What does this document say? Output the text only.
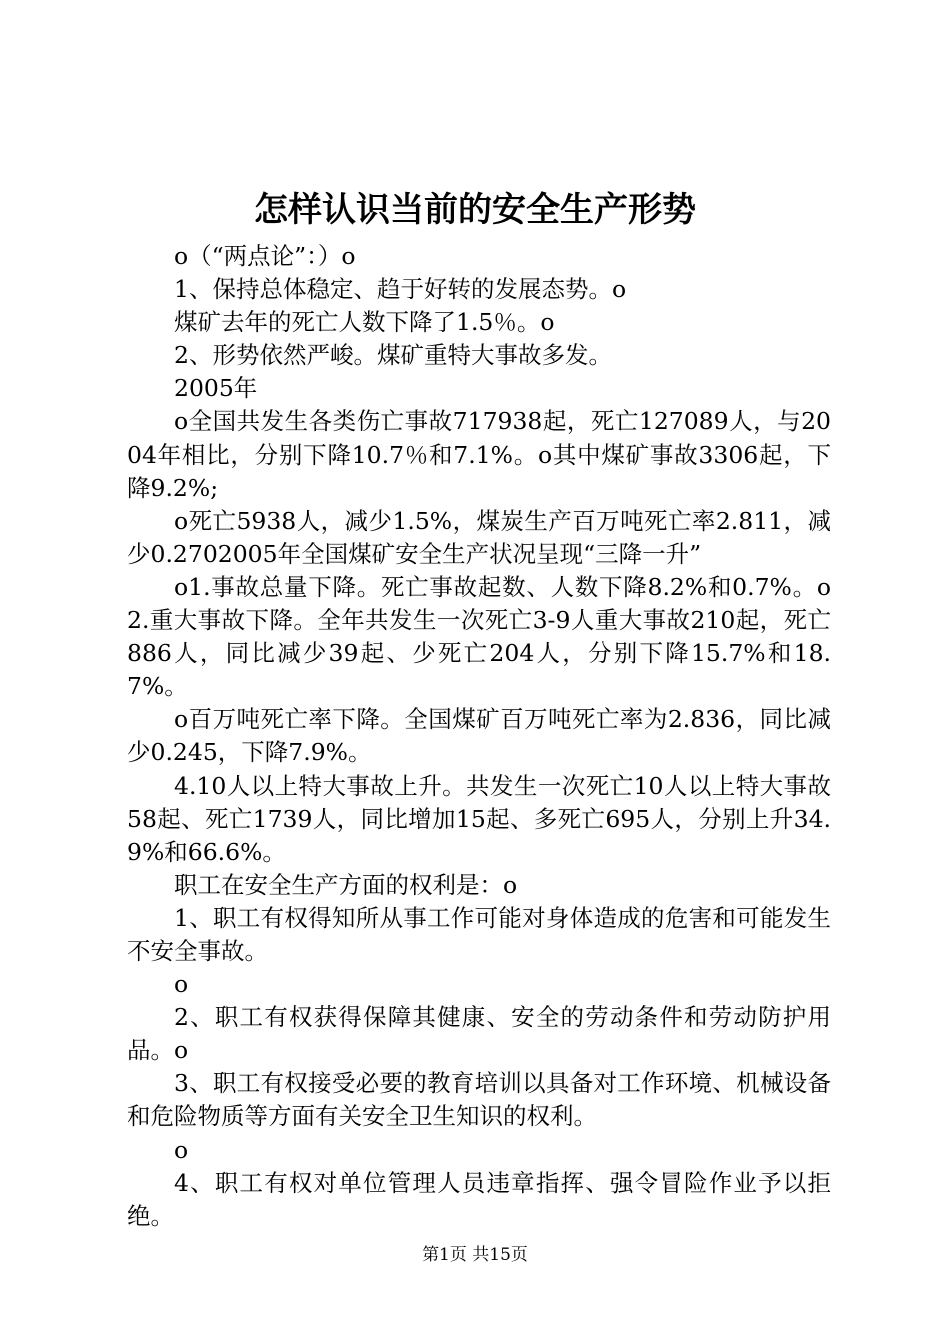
怎样认识当前的安全生产形势

o（“两点论”：）o

1、保持总体稳定、趋于好转的发展态势。o

煤矿去年的死亡人数下降了1.5％。o

2、形势依然严峻。煤矿重特大事故多发。

2005年

o全国共发生各类伤亡事故717938起，死亡127089人，与2004年相比，分别下降10.7％和7.1%。o其中煤矿事故3306起，下降9.2%;

o死亡5938人，减少1.5%，煤炭生产百万吨死亡率2.811，减少0.2702005年全国煤矿安全生产状况呈现“三降一升”

o1.事故总量下降。死亡事故起数、人数下降8.2%和0.7%。o2.重大事故下降。全年共发生一次死亡3-9人重大事故210起，死亡886人，同比减少39起、少死亡204人，分别下降15.7%和18.7%。

o百万吨死亡率下降。全国煤矿百万吨死亡率为2.836，同比减少0.245，下降7.9%。

4.10人以上特大事故上升。共发生一次死亡10人以上特大事故58起、死亡1739人，同比增加15起、多死亡695人，分别上升34.9%和66.6%。

职工在安全生产方面的权利是：o

1、职工有权得知所从事工作可能对身体造成的危害和可能发生不安全事故。

o

2、职工有权获得保障其健康、安全的劳动条件和劳动防护用品。o

3、职工有权接受必要的教育培训以具备对工作环境、机械设备和危险物质等方面有关安全卫生知识的权利。

o

4、职工有权对单位管理人员违章指挥、强令冒险作业予以拒绝。

第1页 共15页
